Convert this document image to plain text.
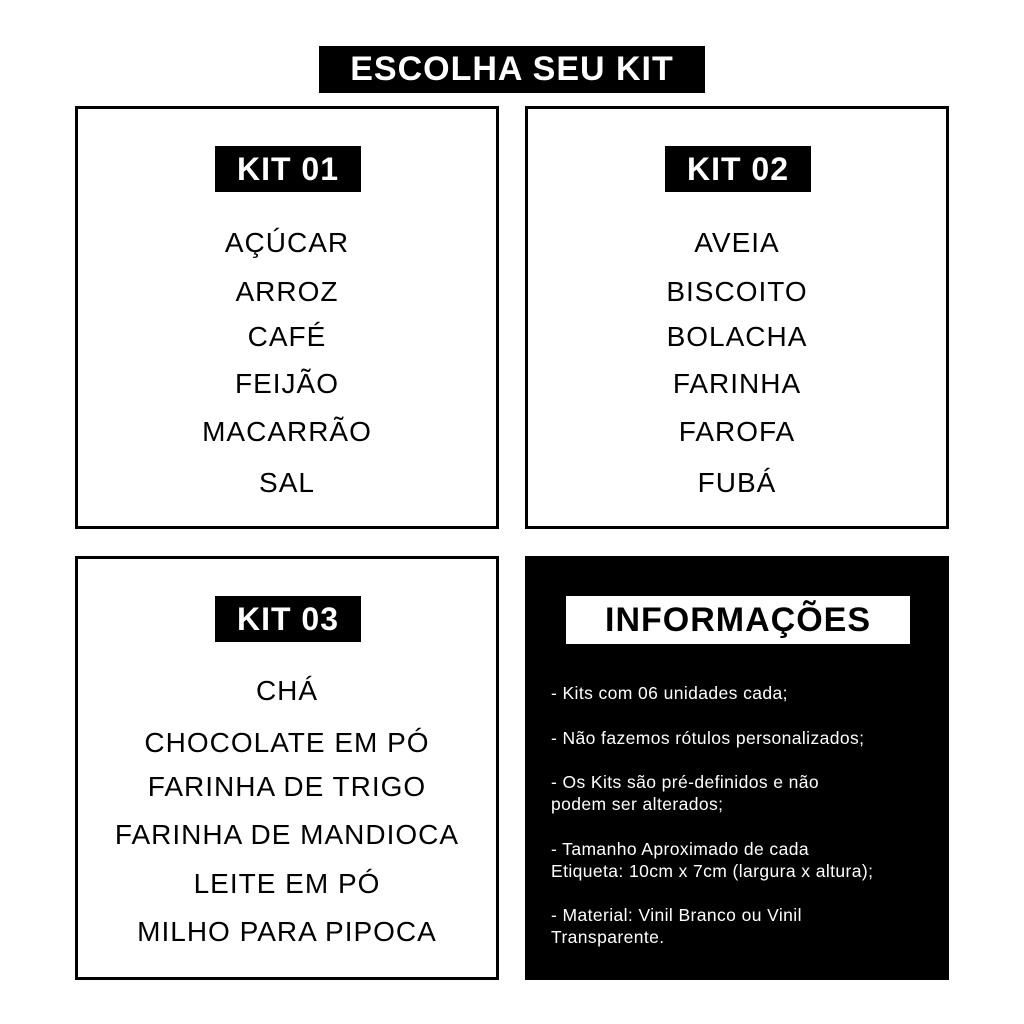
ESCOLHA SEU KIT
KIT 01
AÇÚCAR
ARROZ
CAFÉ
FEIJÃO
MACARRÃO
SAL
KIT 02
AVEIA
BISCOITO
BOLACHA
FARINHA
FAROFA
FUBÁ
KIT 03
CHÁ
CHOCOLATE EM PÓ
FARINHA DE TRIGO
FARINHA DE MANDIOCA
LEITE EM PÓ
MILHO PARA PIPOCA
INFORMAÇÕES
- Kits com 06 unidades cada;
- Não fazemos rótulos personalizados;
- Os Kits são pré-definidos e não
podem ser alterados;
- Tamanho Aproximado de cada
Etiqueta: 10cm x 7cm (largura x altura);
- Material: Vinil Branco ou Vinil
Transparente.
